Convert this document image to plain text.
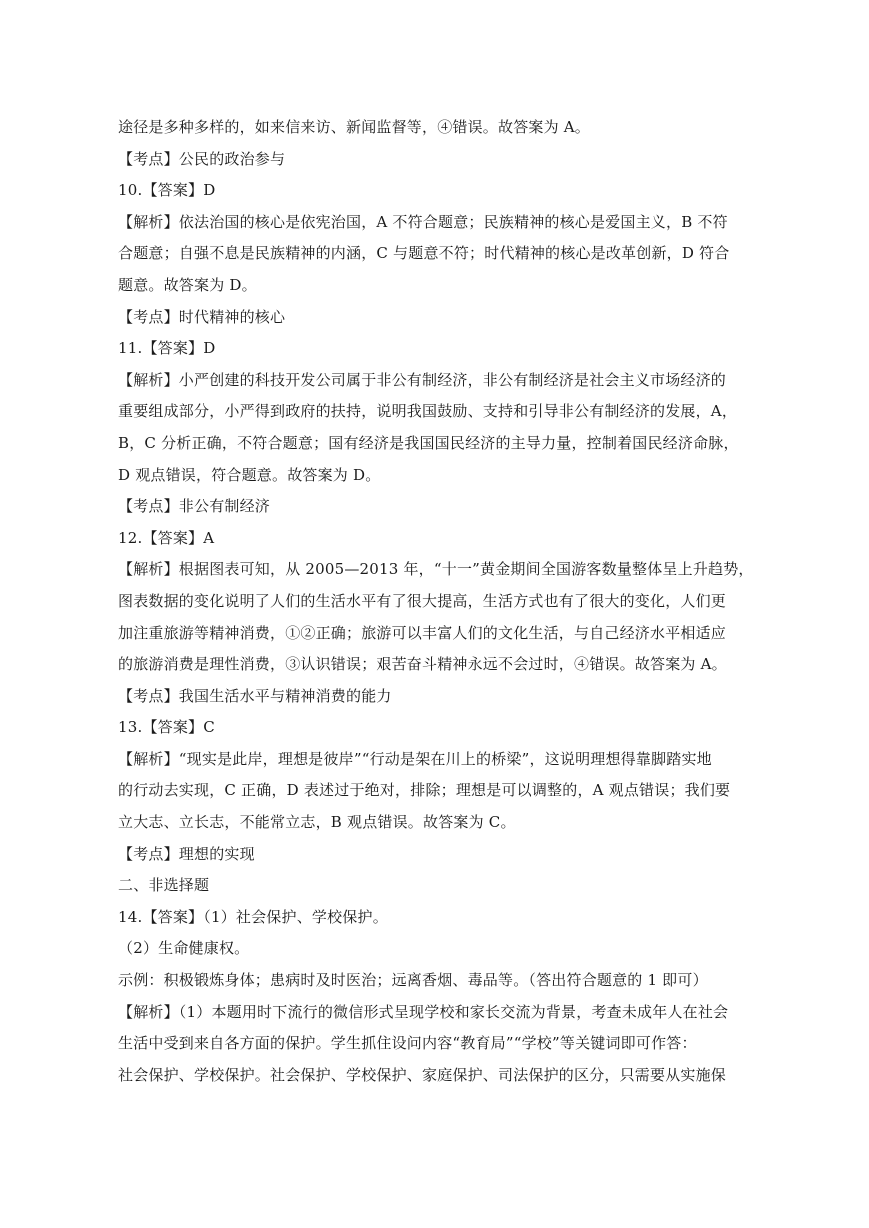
途径是多种多样的，如来信来访、新闻监督等，④错误。故答案为 A。
【考点】公民的政治参与
10.【答案】D
【解析】依法治国的核心是依宪治国，A 不符合题意；民族精神的核心是爱国主义，B 不符
合题意；自强不息是民族精神的内涵，C 与题意不符；时代精神的核心是改革创新，D 符合
题意。故答案为 D。
【考点】时代精神的核心
11.【答案】D
【解析】小严创建的科技开发公司属于非公有制经济，非公有制经济是社会主义市场经济的
重要组成部分，小严得到政府的扶持，说明我国鼓励、支持和引导非公有制经济的发展，A，
B，C 分析正确，不符合题意；国有经济是我国国民经济的主导力量，控制着国民经济命脉，
D 观点错误，符合题意。故答案为 D。
【考点】非公有制经济
12.【答案】A
【解析】根据图表可知，从 2005—2013 年，“十一”黄金期间全国游客数量整体呈上升趋势，
图表数据的变化说明了人们的生活水平有了很大提高，生活方式也有了很大的变化，人们更
加注重旅游等精神消费，①②正确；旅游可以丰富人们的文化生活，与自己经济水平相适应
的旅游消费是理性消费，③认识错误；艰苦奋斗精神永远不会过时，④错误。故答案为 A。
【考点】我国生活水平与精神消费的能力
13.【答案】C
【解析】“现实是此岸，理想是彼岸”“行动是架在川上的桥梁”，这说明理想得靠脚踏实地
的行动去实现，C 正确，D 表述过于绝对，排除；理想是可以调整的，A 观点错误；我们要
立大志、立长志，不能常立志，B 观点错误。故答案为 C。
【考点】理想的实现
二、非选择题
14.【答案】（1）社会保护、学校保护。
（2）生命健康权。
示例：积极锻炼身体；患病时及时医治；远离香烟、毒品等。（答出符合题意的 1 即可）
【解析】（1）本题用时下流行的微信形式呈现学校和家长交流为背景，考查未成年人在社会
生活中受到来自各方面的保护。学生抓住设问内容“教育局”“学校”等关键词即可作答：
社会保护、学校保护。社会保护、学校保护、家庭保护、司法保护的区分，只需要从实施保
